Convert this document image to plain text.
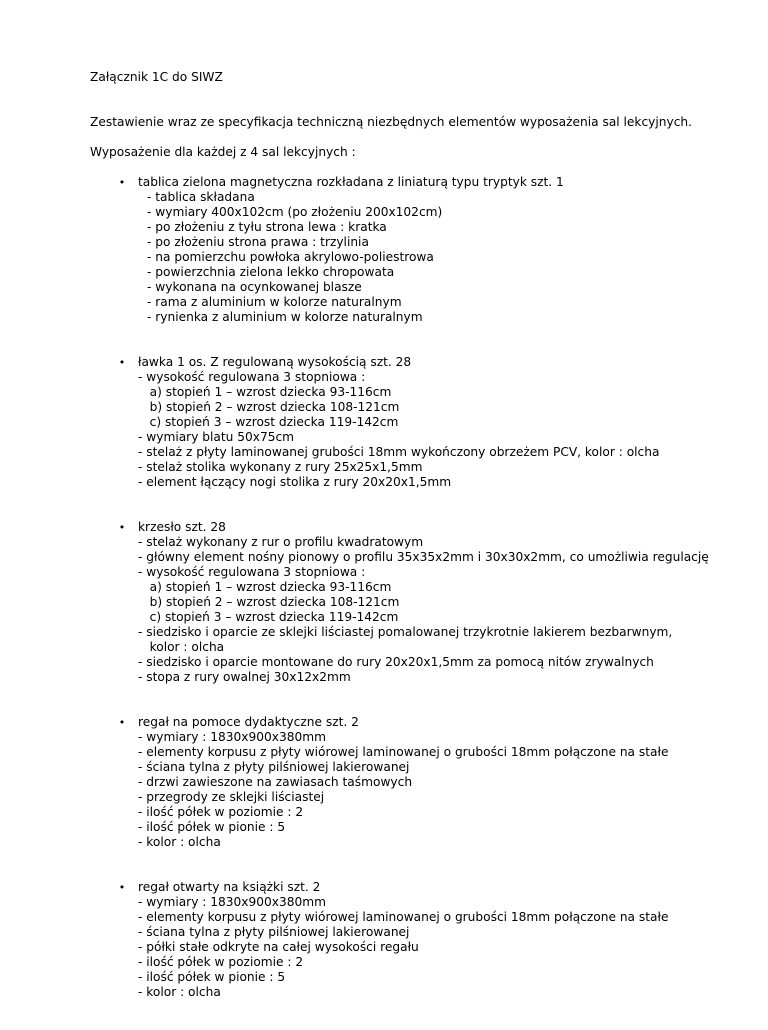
Załącznik 1C do SIWZ
Zestawienie wraz ze specyfikacja techniczną niezbędnych elementów wyposażenia sal lekcyjnych.
Wyposażenie dla każdej z 4 sal lekcyjnych :
• tablica zielona magnetyczna rozkładana z liniaturą typu tryptyk szt. 1
- tablica składana
- wymiary 400x102cm (po złożeniu 200x102cm)
- po złożeniu z tyłu strona lewa : kratka
- po złożeniu strona prawa : trzylinia
- na pomierzchu powłoka akrylowo-poliestrowa
- powierzchnia zielona lekko chropowata
- wykonana na ocynkowanej blasze
- rama z aluminium w kolorze naturalnym
- rynienka z aluminium w kolorze naturalnym
• ławka 1 os. Z regulowaną wysokością szt. 28
- wysokość regulowana 3 stopniowa :
a) stopień 1 – wzrost dziecka 93-116cm
b) stopień 2 – wzrost dziecka 108-121cm
c) stopień 3 – wzrost dziecka 119-142cm
- wymiary blatu 50x75cm
- stelaż z płyty laminowanej grubości 18mm wykończony obrzeżem PCV, kolor : olcha
- stelaż stolika wykonany z rury 25x25x1,5mm
- element łączący nogi stolika z rury 20x20x1,5mm
• krzesło szt. 28
- stelaż wykonany z rur o profilu kwadratowym
- główny element nośny pionowy o profilu 35x35x2mm i 30x30x2mm, co umożliwia regulację
- wysokość regulowana 3 stopniowa :
a) stopień 1 – wzrost dziecka 93-116cm
b) stopień 2 – wzrost dziecka 108-121cm
c) stopień 3 – wzrost dziecka 119-142cm
- siedzisko i oparcie ze sklejki liściastej pomalowanej trzykrotnie lakierem bezbarwnym,
kolor : olcha
- siedzisko i oparcie montowane do rury 20x20x1,5mm za pomocą nitów zrywalnych
- stopa z rury owalnej 30x12x2mm
• regał na pomoce dydaktyczne szt. 2
- wymiary : 1830x900x380mm
- elementy korpusu z płyty wiórowej laminowanej o grubości 18mm połączone na stałe
- ściana tylna z płyty pilśniowej lakierowanej
- drzwi zawieszone na zawiasach taśmowych
- przegrody ze sklejki liściastej
- ilość półek w poziomie : 2
- ilość półek w pionie : 5
- kolor : olcha
• regał otwarty na książki szt. 2
- wymiary : 1830x900x380mm
- elementy korpusu z płyty wiórowej laminowanej o grubości 18mm połączone na stałe
- ściana tylna z płyty pilśniowej lakierowanej
- półki stałe odkryte na całej wysokości regału
- ilość półek w poziomie : 2
- ilość półek w pionie : 5
- kolor : olcha
